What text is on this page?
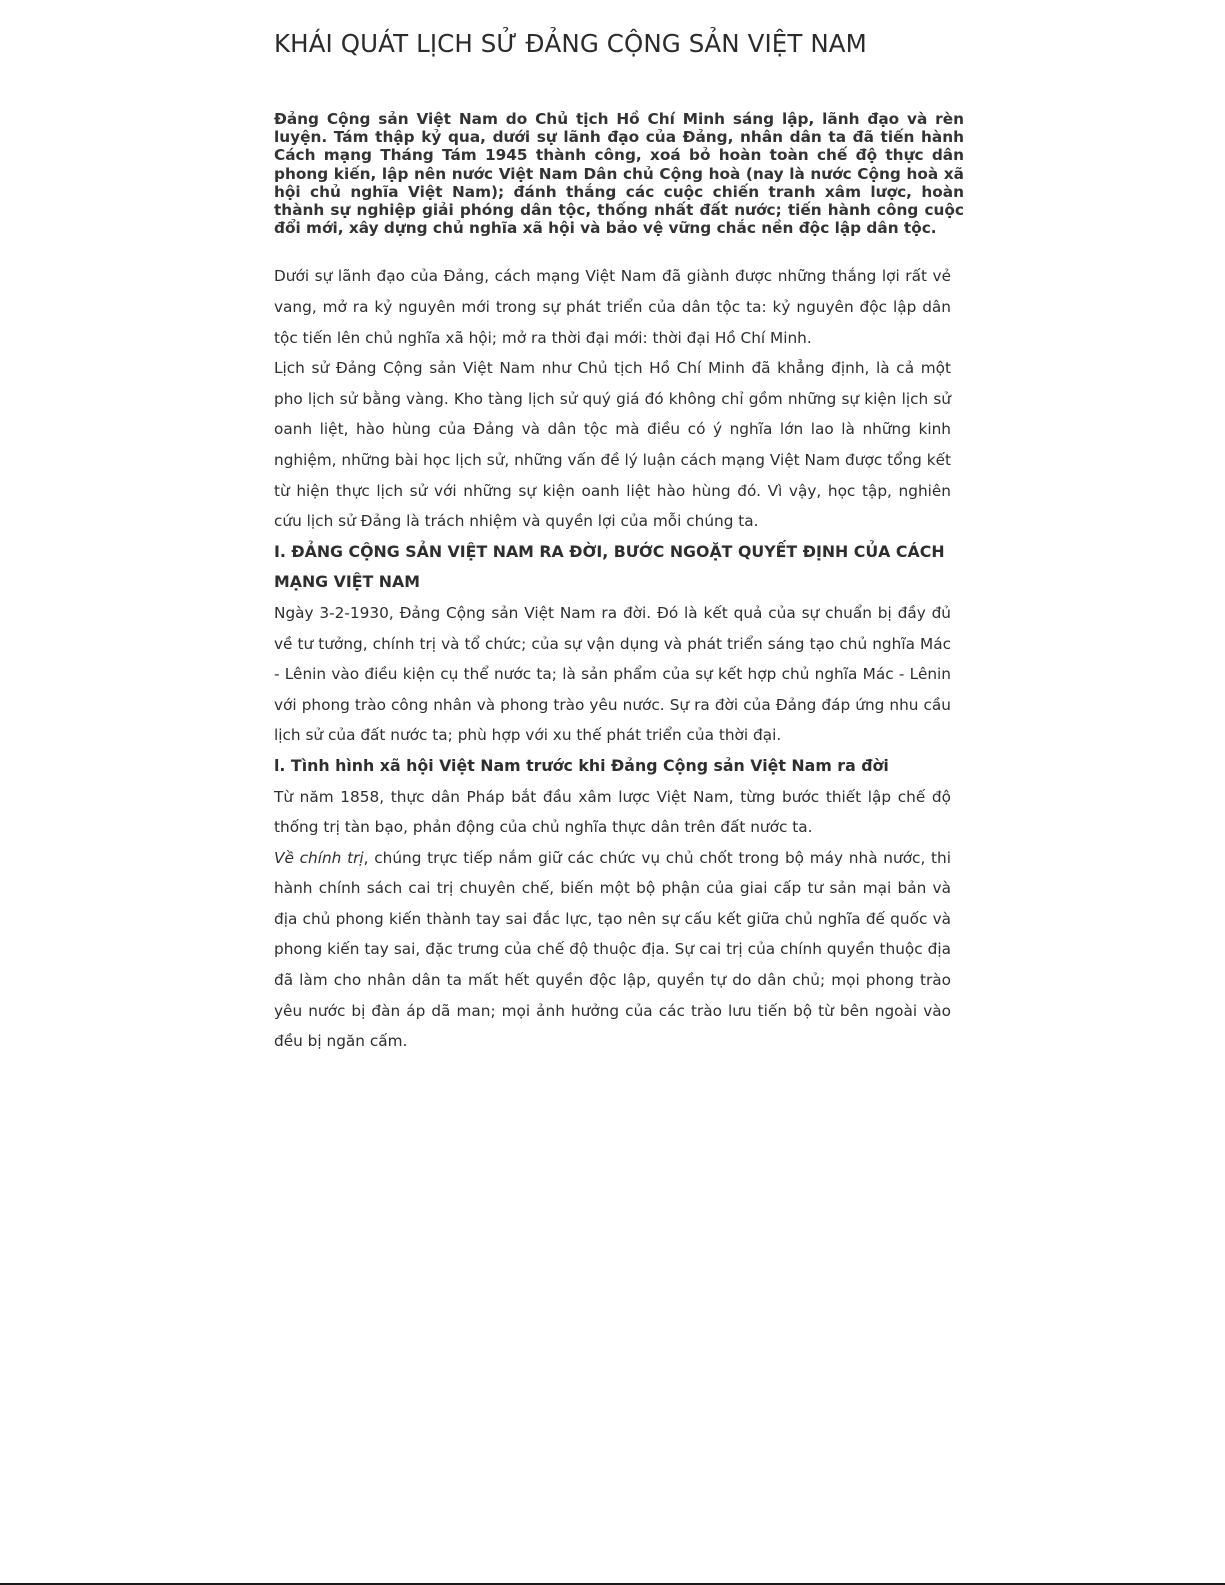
KHÁI QUÁT LỊCH SỬ ĐẢNG CỘNG SẢN VIỆT NAM

Đảng Cộng sản Việt Nam do Chủ tịch Hồ Chí Minh sáng lập, lãnh đạo và rèn luyện. Tám thập kỷ qua, dưới sự lãnh đạo của Đảng, nhân dân ta đã tiến hành Cách mạng Tháng Tám 1945 thành công, xoá bỏ hoàn toàn chế độ thực dân phong kiến, lập nên nước Việt Nam Dân chủ Cộng hoà (nay là nước Cộng hoà xã hội chủ nghĩa Việt Nam); đánh thắng các cuộc chiến tranh xâm lược, hoàn thành sự nghiệp giải phóng dân tộc, thống nhất đất nước; tiến hành công cuộc đổi mới, xây dựng chủ nghĩa xã hội và bảo vệ vững chắc nền độc lập dân tộc.

Dưới sự lãnh đạo của Đảng, cách mạng Việt Nam đã giành được những thắng lợi rất vẻ vang, mở ra kỷ nguyên mới trong sự phát triển của dân tộc ta: kỷ nguyên độc lập dân tộc tiến lên chủ nghĩa xã hội; mở ra thời đại mới: thời đại Hồ Chí Minh.

Lịch sử Đảng Cộng sản Việt Nam như Chủ tịch Hồ Chí Minh đã khẳng định, là cả một pho lịch sử bằng vàng. Kho tàng lịch sử quý giá đó không chỉ gồm những sự kiện lịch sử oanh liệt, hào hùng của Đảng và dân tộc mà điều có ý nghĩa lớn lao là những kinh nghiệm, những bài học lịch sử, những vấn đề lý luận cách mạng Việt Nam được tổng kết từ hiện thực lịch sử với những sự kiện oanh liệt hào hùng đó. Vì vậy, học tập, nghiên cứu lịch sử Đảng là trách nhiệm và quyền lợi của mỗi chúng ta.

I. ĐẢNG CỘNG SẢN VIỆT NAM RA ĐỜI, BƯỚC NGOẶT QUYẾT ĐỊNH CỦA CÁCH MẠNG VIỆT NAM

Ngày 3-2-1930, Đảng Cộng sản Việt Nam ra đời. Đó là kết quả của sự chuẩn bị đầy đủ về tư tưởng, chính trị và tổ chức; của sự vận dụng và phát triển sáng tạo chủ nghĩa Mác - Lênin vào điều kiện cụ thể nước ta; là sản phẩm của sự kết hợp chủ nghĩa Mác - Lênin với phong trào công nhân và phong trào yêu nước. Sự ra đời của Đảng đáp ứng nhu cầu lịch sử của đất nước ta; phù hợp với xu thế phát triển của thời đại.

l. Tình hình xã hội Việt Nam trước khi Đảng Cộng sản Việt Nam ra đời

Từ năm 1858, thực dân Pháp bắt đầu xâm lược Việt Nam, từng bước thiết lập chế độ thống trị tàn bạo, phản động của chủ nghĩa thực dân trên đất nước ta.

Về chính trị, chúng trực tiếp nắm giữ các chức vụ chủ chốt trong bộ máy nhà nước, thi hành chính sách cai trị chuyên chế, biến một bộ phận của giai cấp tư sản mại bản và địa chủ phong kiến thành tay sai đắc lực, tạo nên sự cấu kết giữa chủ nghĩa đế quốc và phong kiến tay sai, đặc trưng của chế độ thuộc địa. Sự cai trị của chính quyền thuộc địa đã làm cho nhân dân ta mất hết quyền độc lập, quyền tự do dân chủ; mọi phong trào yêu nước bị đàn áp dã man; mọi ảnh hưởng của các trào lưu tiến bộ từ bên ngoài vào đều bị ngăn cấm.
